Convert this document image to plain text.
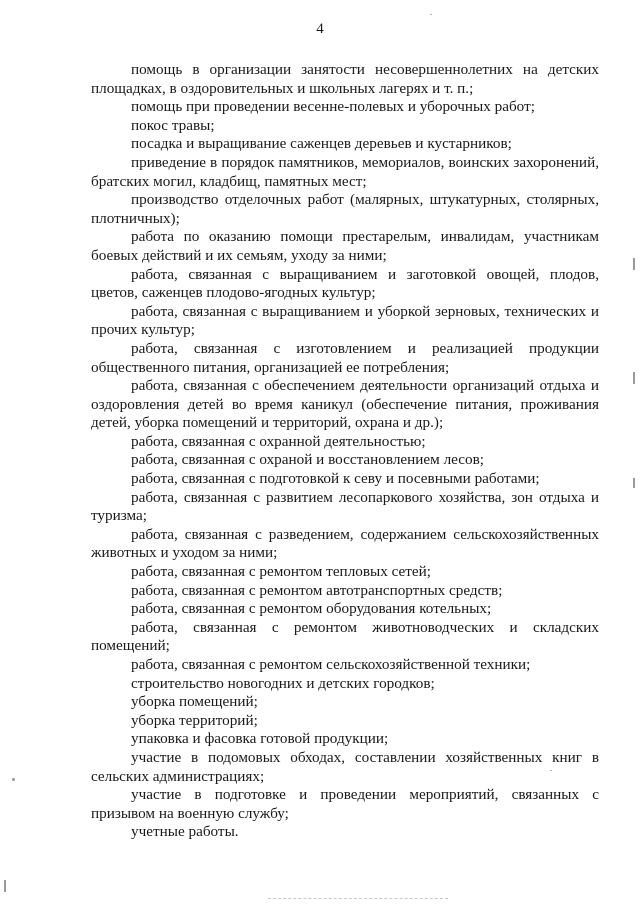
4

помощь в организации занятости несовершеннолетних на детских площадках, в оздоровительных и школьных лагерях и т. п.;

помощь при проведении весенне-полевых и уборочных работ;

покос травы;

посадка и выращивание саженцев деревьев и кустарников;

приведение в порядок памятников, мемориалов, воинских захоронений, братских могил, кладбищ, памятных мест;

производство отделочных работ (малярных, штукатурных, столярных, плотничных);

работа по оказанию помощи престарелым, инвалидам, участникам боевых действий и их семьям, уходу за ними;

работа, связанная с выращиванием и заготовкой овощей, плодов, цветов, саженцев плодово-ягодных культур;

работа, связанная с выращиванием и уборкой зерновых, технических и прочих культур;

работа, связанная с изготовлением и реализацией продукции общественного питания, организацией ее потребления;

работа, связанная с обеспечением деятельности организаций отдыха и оздоровления детей во время каникул (обеспечение питания, проживания детей, уборка помещений и территорий, охрана и др.);

работа, связанная с охранной деятельностью;

работа, связанная с охраной и восстановлением лесов;

работа, связанная с подготовкой к севу и посевными работами;

работа, связанная с развитием лесопаркового хозяйства, зон отдыха и туризма;

работа, связанная с разведением, содержанием сельскохозяйственных животных и уходом за ними;

работа, связанная с ремонтом тепловых сетей;

работа, связанная с ремонтом автотранспортных средств;

работа, связанная с ремонтом оборудования котельных;

работа, связанная с ремонтом животноводческих и складских помещений;

работа, связанная с ремонтом сельскохозяйственной техники;

строительство новогодних и детских городков;

уборка помещений;

уборка территорий;

упаковка и фасовка готовой продукции;

участие в подомовых обходах, составлении хозяйственных книг в сельских администрациях;

участие в подготовке и проведении мероприятий, связанных с призывом на военную службу;

учетные работы.
